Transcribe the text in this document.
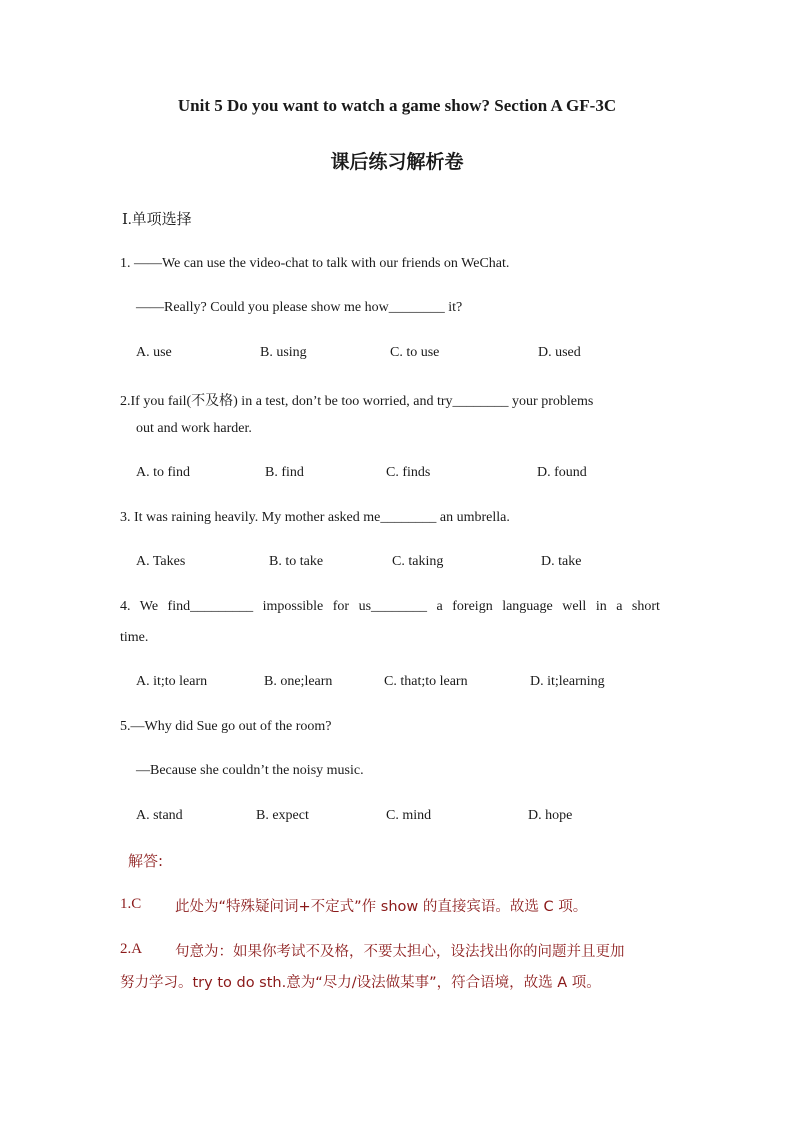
Unit 5 Do you want to watch a game show? Section A GF-3C
课后练习解析卷
Ⅰ.单项选择
1. ——We can use the video-chat to talk with our friends on WeChat.
——Really? Could you please show me how________ it?
A. use	B. using	C. to use	D. used
2.If you fail(不及格) in a test, don’t be too worried, and try________ your problems
out and work harder.
A. to find	B. find	C. finds	D. found
3. It was raining heavily. My mother asked me________ an umbrella.
A. Takes	B. to take	C. taking	D. take
4. We find_________ impossible for us________ a foreign language well in a short
time.
A. it;to learn	B. one;learn	C. that;to learn	D. it;learning
5.—Why did Sue go out of the room?
—Because she couldn’t the noisy music.
A. stand	B. expect	C. mind	D. hope
解答:
1.C 此处为“特殊疑问词+不定式”作 show 的直接宾语。故选 C 项。
2.A 句意为：如果你考试不及格，不要太担心，设法找出你的问题并且更加
努力学习。try to do sth.意为“尽力/设法做某事”，符合语境，故选 A 项。
